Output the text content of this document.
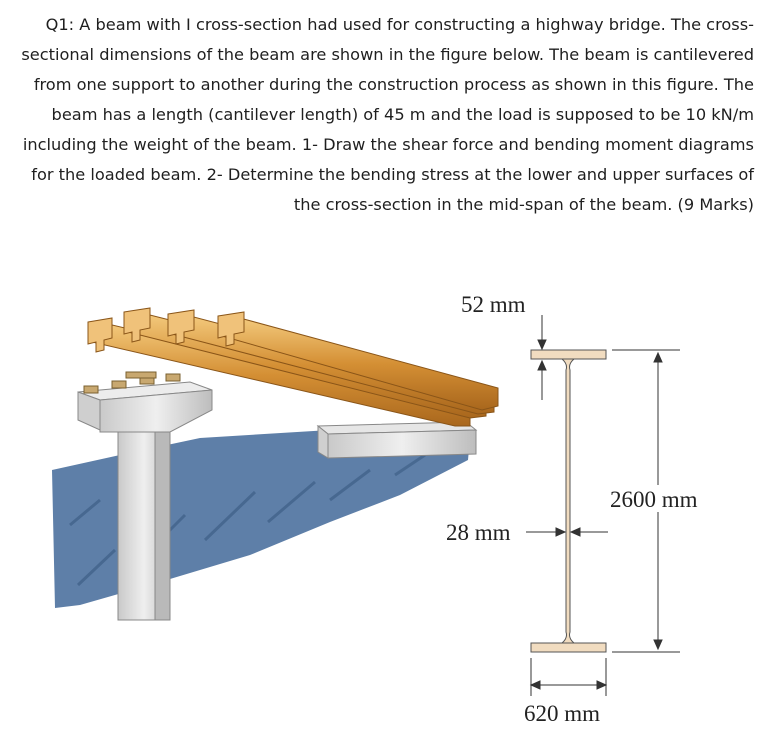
Q1: A beam with I cross-section had used for constructing a highway bridge. The cross-sectional dimensions of the beam are shown in the figure below. The beam is cantilevered from one support to another during the construction process as shown in this figure. The beam has a length (cantilever length) of 45 m and the load is supposed to be 10 kN/m including the weight of the beam. 1- Draw the shear force and bending moment diagrams for the loaded beam. 2- Determine the bending stress at the lower and upper surfaces of the cross-section in the mid-span of the beam. (9 Marks)

52 mm
2600 mm
28 mm
620 mm
